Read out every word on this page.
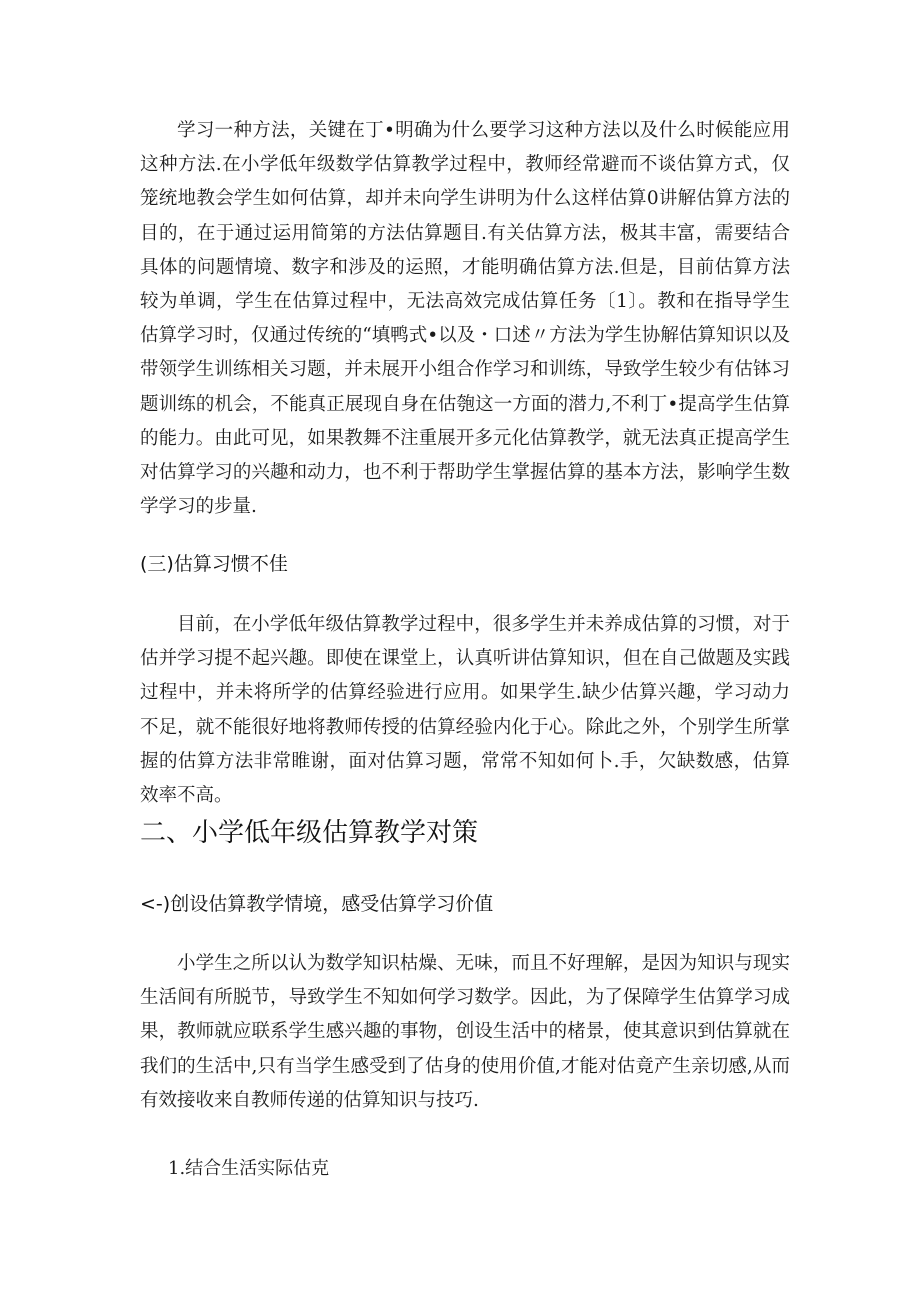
学习一种方法，关键在丁•明确为什么要学习这种方法以及什么时候能应用这种方法.在小学低年级数学估算教学过程中，教师经常避而不谈估算方式，仅笼统地教会学生如何估算，却并未向学生讲明为什么这样估算0讲解估算方法的目的，在于通过运用简第的方法估算题目.有关估算方法，极其丰富，需要结合具体的问题情境、数字和涉及的运照，才能明确估算方法.但是，目前估算方法较为单调，学生在估算过程中，无法高效完成估算任务〔1〕。教和在指导学生估算学习时，仅通过传统的“填鸭式•以及・口述〃方法为学生协解估算知识以及带领学生训练相关习题，并未展开小组合作学习和训练，导致学生较少有估钵习题训练的机会，不能真正展现自身在估匏这一方面的潜力,不利丁•提高学生估算的能力。由此可见，如果教舞不注重展开多元化估算教学，就无法真正提高学生对估算学习的兴趣和动力，也不利于帮助学生掌握估算的基本方法，影响学生数学学习的步量.

(三)估算习惯不佳

目前，在小学低年级估算教学过程中，很多学生并未养成估算的习惯，对于估并学习提不起兴趣。即使在课堂上，认真听讲估算知识，但在自己做题及实践过程中，并未将所学的估算经验进行应用。如果学生.缺少估算兴趣，学习动力不足，就不能很好地将教师传授的估算经验内化于心。除此之外，个别学生所掌握的估算方法非常睢谢，面对估算习题，常常不知如何卜.手，欠缺数感，估算效率不高。

二、小学低年级估算教学对策
<-)创设估算教学情境，感受估算学习价值

小学生之所以认为数学知识枯燥、无味，而且不好理解，是因为知识与现实生活间有所脱节，导致学生不知如何学习数学。因此，为了保障学生估算学习成果，教师就应联系学生感兴趣的事物，创设生活中的楮景，使其意识到估算就在我们的生活中,只有当学生感受到了估身的使用价值,才能对估竟产生亲切感,从而有效接收来自教师传递的估算知识与技巧.

1.结合生活实际估克
